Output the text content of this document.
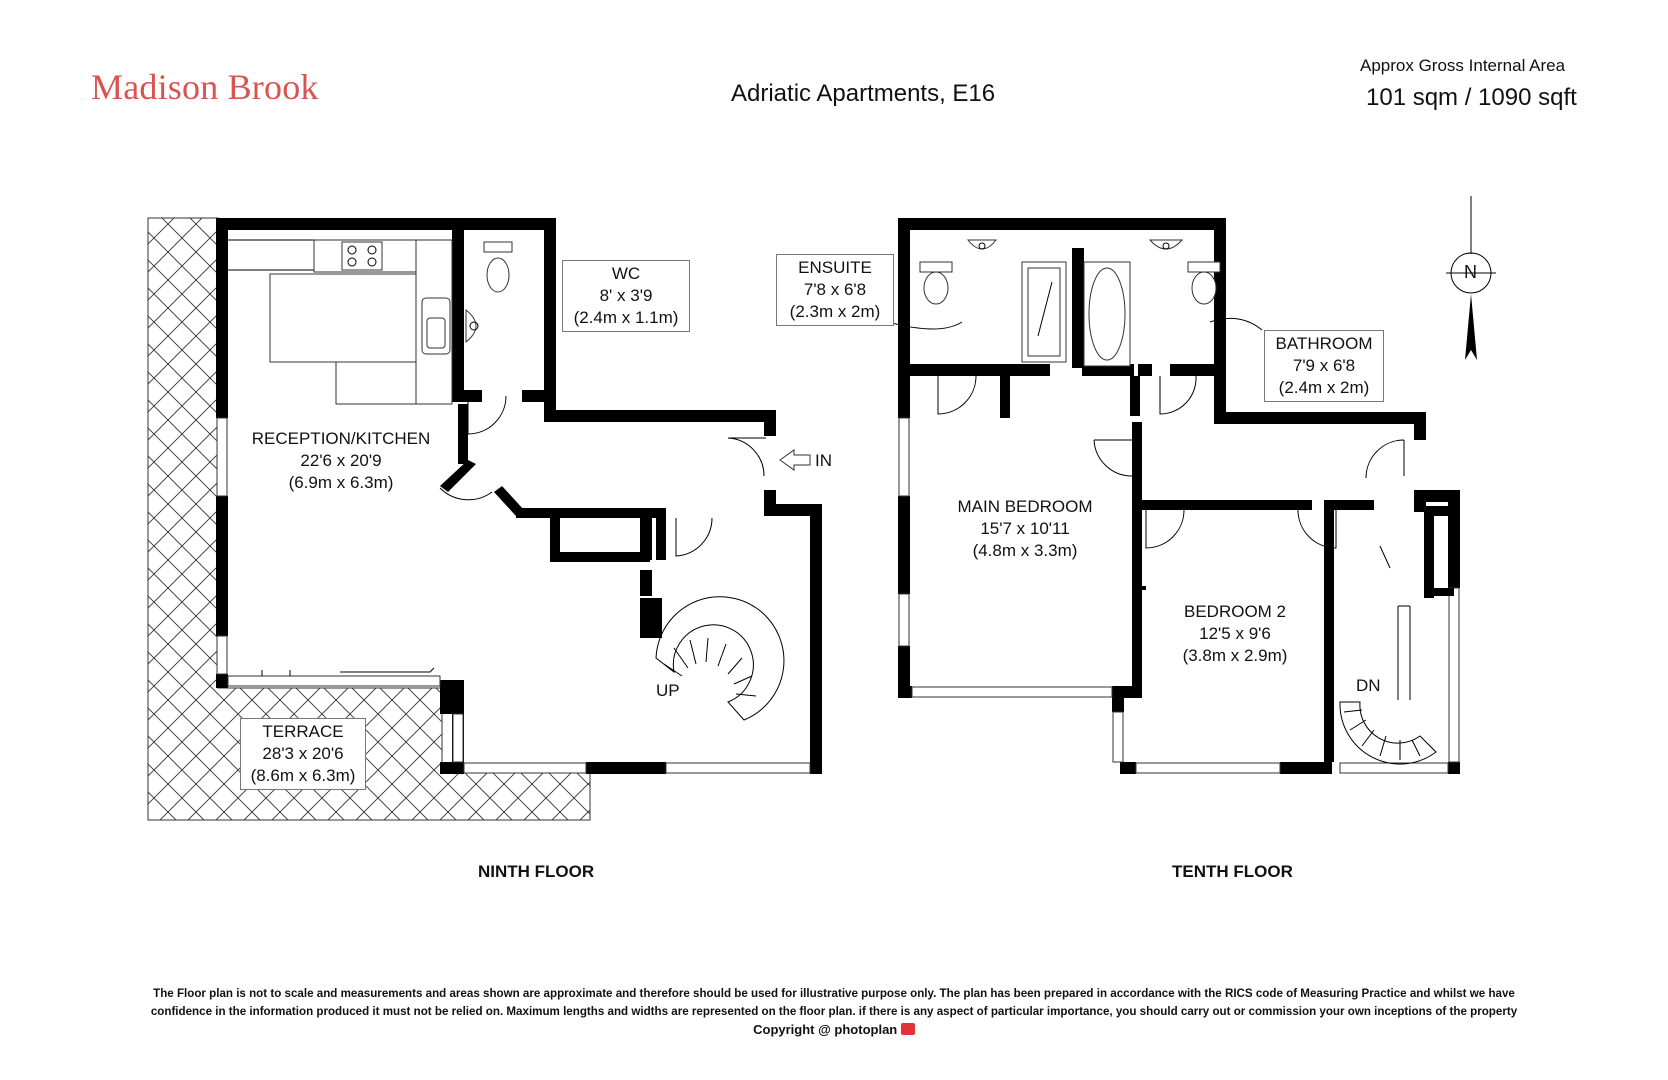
Madison Brook	Adriatic Apartments, E16
Approx Gross Internal Area
101 sqm / 1090 sqft
N
RECEPTION/KITCHEN
22'6 x 20'9
(6.9m x 6.3m)
WC
8' x 3'9
(2.4m x 1.1m)
TERRACE
28'3 x 20'6
(8.6m x 6.3m)
IN
UP
NINTH FLOOR
ENSUITE
7'8 x 6'8
(2.3m x 2m)
BATHROOM
7'9 x 6'8
(2.4m x 2m)
MAIN BEDROOM
15'7 x 10'11
(4.8m x 3.3m)
BEDROOM 2
12'5 x 9'6
(3.8m x 2.9m)
DN
TENTH FLOOR
The Floor plan is not to scale and measurements and areas shown are approximate and therefore should be used for illustrative purpose only. The plan has been prepared in accordance with the RICS code of Measuring Practice and whilst we have
confidence in the information produced it must not be relied on. Maximum lengths and widths are represented on the floor plan. if there is any aspect of particular importance, you should carry out or commission your own inceptions of the property
Copyright @ photoplan
